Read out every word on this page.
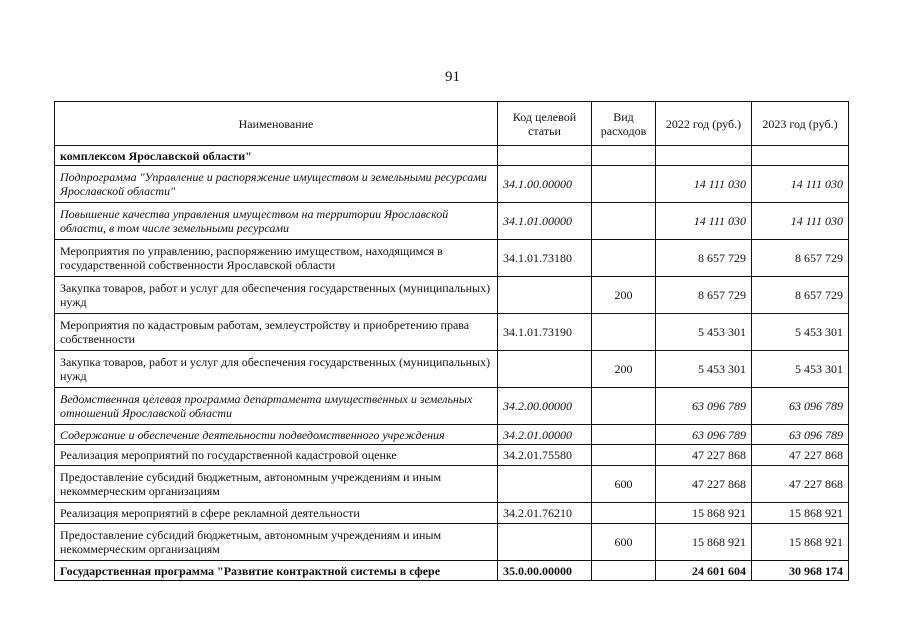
91
Наименование	Код целевой статьи	Вид расходов	2022 год (руб.)	2023 год (руб.)
комплексом Ярославской области"				
Подпрограмма "Управление и распоряжение имуществом и земельными ресурсами Ярославской области"	34.1.00.00000		14 111 030	14 111 030
Повышение качества управления имуществом на территории Ярославской области, в том числе земельными ресурсами	34.1.01.00000		14 111 030	14 111 030
Мероприятия по управлению, распоряжению имуществом, находящимся в государственной собственности Ярославской области	34.1.01.73180		8 657 729	8 657 729
Закупка товаров, работ и услуг для обеспечения государственных (муниципальных) нужд		200	8 657 729	8 657 729
Мероприятия по кадастровым работам, землеустройству и приобретению права собственности	34.1.01.73190		5 453 301	5 453 301
Закупка товаров, работ и услуг для обеспечения государственных (муниципальных) нужд		200	5 453 301	5 453 301
Ведомственная целевая программа департамента имущественных и земельных отношений Ярославской области	34.2.00.00000		63 096 789	63 096 789
Содержание и обеспечение деятельности подведомственного учреждения	34.2.01.00000		63 096 789	63 096 789
Реализация мероприятий по государственной кадастровой оценке	34.2.01.75580		47 227 868	47 227 868
Предоставление субсидий бюджетным, автономным учреждениям и иным некоммерческим организациям		600	47 227 868	47 227 868
Реализация мероприятий в сфере рекламной деятельности	34.2.01.76210		15 868 921	15 868 921
Предоставление субсидий бюджетным, автономным учреждениям и иным некоммерческим организациям		600	15 868 921	15 868 921
Государственная программа "Развитие контрактной системы в сфере	35.0.00.00000		24 601 604	30 968 174
